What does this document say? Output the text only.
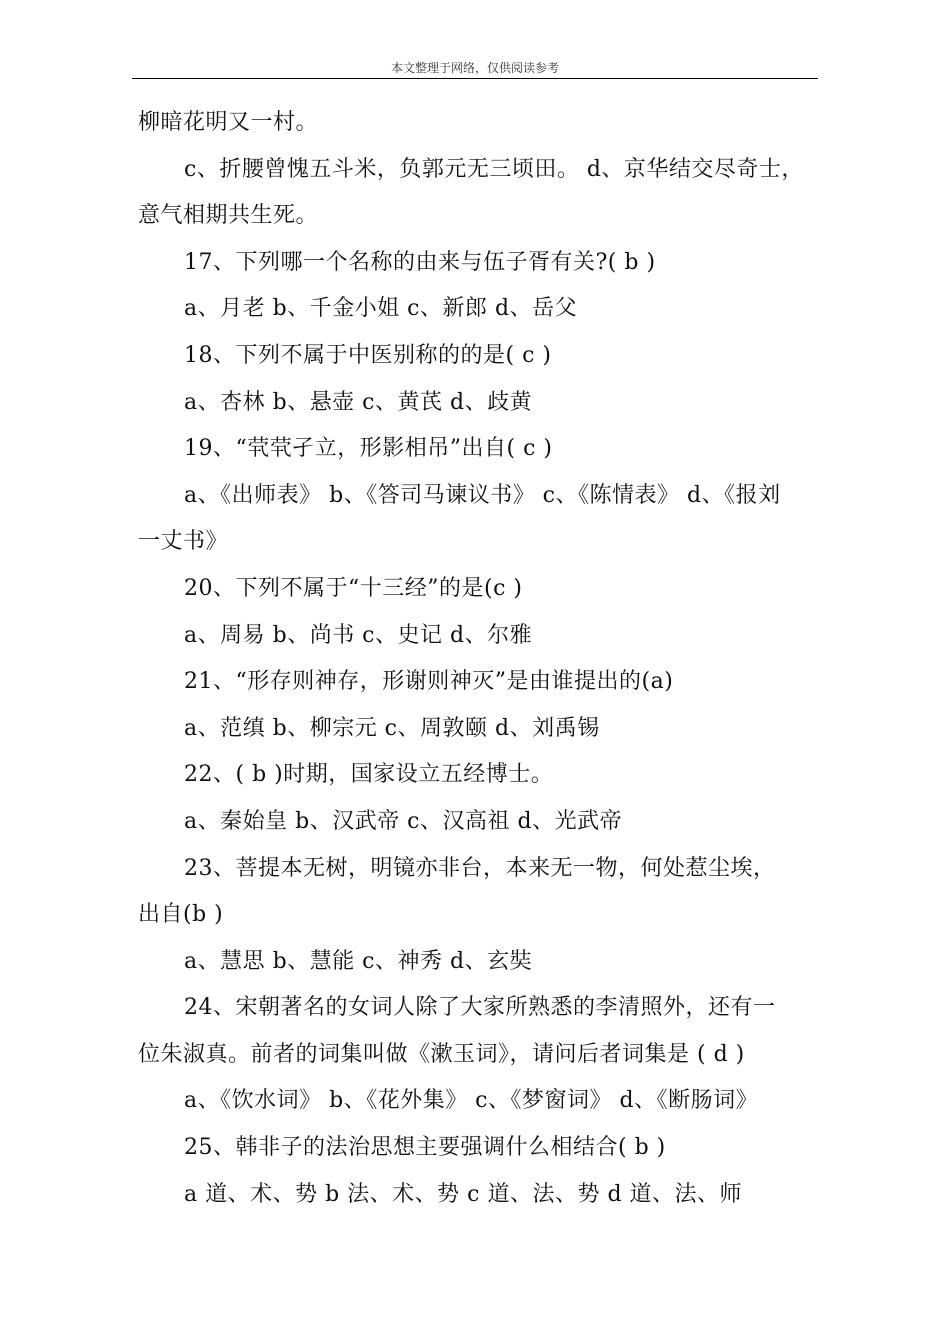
本文整理于网络，仅供阅读参考
柳暗花明又一村。
c、折腰曾愧五斗米，负郭元无三顷田。 d、京华结交尽奇士，
意气相期共生死。
17、下列哪一个名称的由来与伍子胥有关?( b )
a、月老 b、千金小姐 c、新郎 d、岳父
18、下列不属于中医别称的的是( c )
a、杏林 b、悬壶 c、黄芪 d、歧黄
19、“茕茕孑立，形影相吊”出自( c )
a、《出师表》 b、《答司马谏议书》 c、《陈情表》 d、《报刘
一丈书》
20、下列不属于“十三经”的是(c )
a、周易 b、尚书 c、史记 d、尔雅
21、“形存则神存，形谢则神灭”是由谁提出的(a)
a、范缜 b、柳宗元 c、周敦颐 d、刘禹锡
22、( b )时期，国家设立五经博士。
a、秦始皇 b、汉武帝 c、汉高祖 d、光武帝
23、菩提本无树，明镜亦非台，本来无一物，何处惹尘埃，
出自(b )
a、慧思 b、慧能 c、神秀 d、玄奘
24、宋朝著名的女词人除了大家所熟悉的李清照外，还有一
位朱淑真。前者的词集叫做《漱玉词》，请问后者词集是 ( d )
a、《饮水词》 b、《花外集》 c、《梦窗词》 d、《断肠词》
25、韩非子的法治思想主要强调什么相结合( b )
a 道、术、势 b 法、术、势 c 道、法、势 d 道、法、师
